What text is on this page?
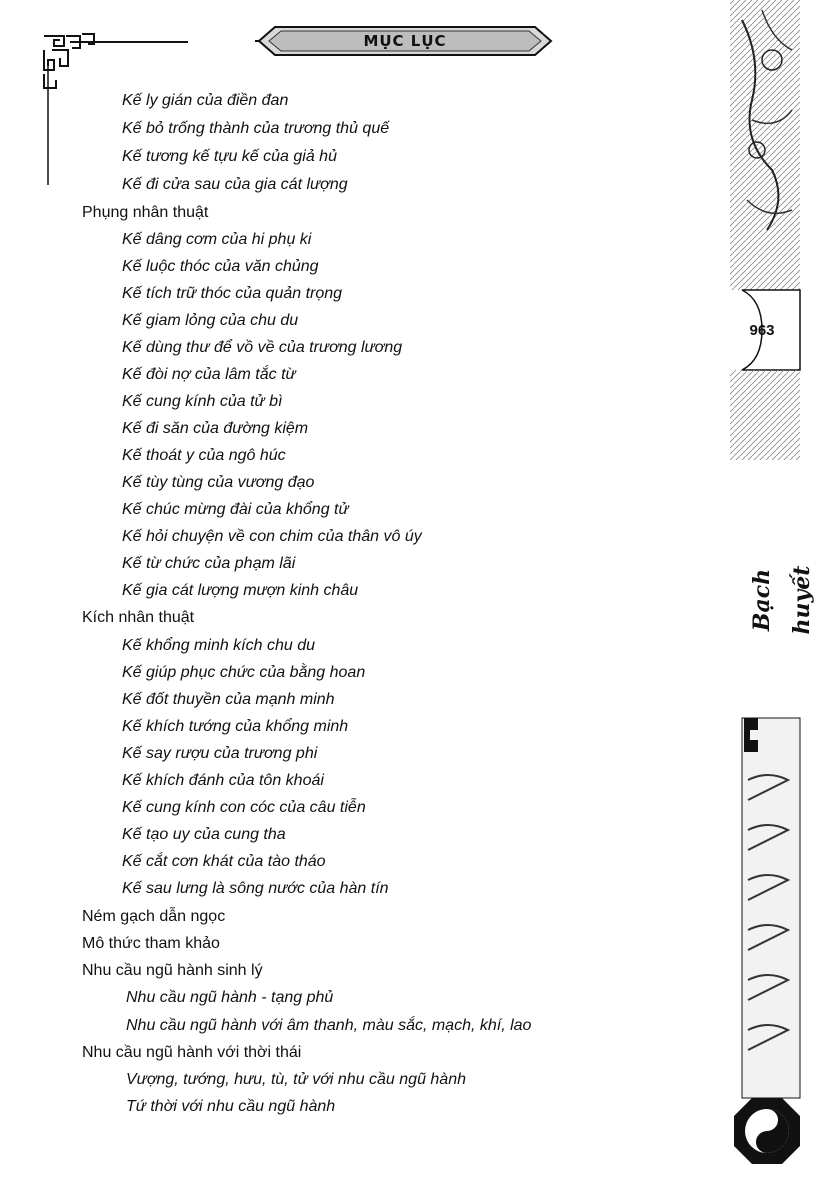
MỤC LỤC
963
Bạch huyết
Kế ly gián của điền đan
Kế bỏ trống thành của trương thủ quế
Kế tương kế tựu kế của giả hủ
Kế đi cửa sau của gia cát lượng
Phụng nhân thuật
Kế dâng cơm của hi phụ ki
Kế luộc thóc của văn chủng
Kế tích trữ thóc của quản trọng
Kế giam lỏng của chu du
Kế dùng thư để vồ về của trương lương
Kế đòi nợ của lâm tắc từ
Kế cung kính của tử bì
Kế đi săn của đường kiệm
Kế thoát y của ngô húc
Kế tùy tùng của vương đạo
Kế chúc mừng đài của khổng tử
Kế hỏi chuyện về con chim của thân vô úy
Kế từ chức của phạm lãi
Kế gia cát lượng mượn kinh châu
Kích nhân thuật
Kế khổng minh kích chu du
Kế giúp phục chức của bằng hoan
Kế đốt thuyền của mạnh minh
Kế khích tướng của khổng minh
Kế say rượu của trương phi
Kế khích đánh của tôn khoái
Kế cung kính con cóc của câu tiễn
Kế tạo uy của cung tha
Kế cắt cơn khát của tào tháo
Kế sau lưng là sông nước của hàn tín
Ném gạch dẫn ngọc
Mô thức tham khảo
Nhu cầu ngũ hành sinh lý
Nhu cầu ngũ hành - tạng phủ
Nhu cầu ngũ hành với âm thanh, màu sắc, mạch, khí, lao
Nhu cầu ngũ hành với thời thái
Vượng, tướng, hưu, tù, tử với nhu cầu ngũ hành
Tứ thời với nhu cầu ngũ hành
